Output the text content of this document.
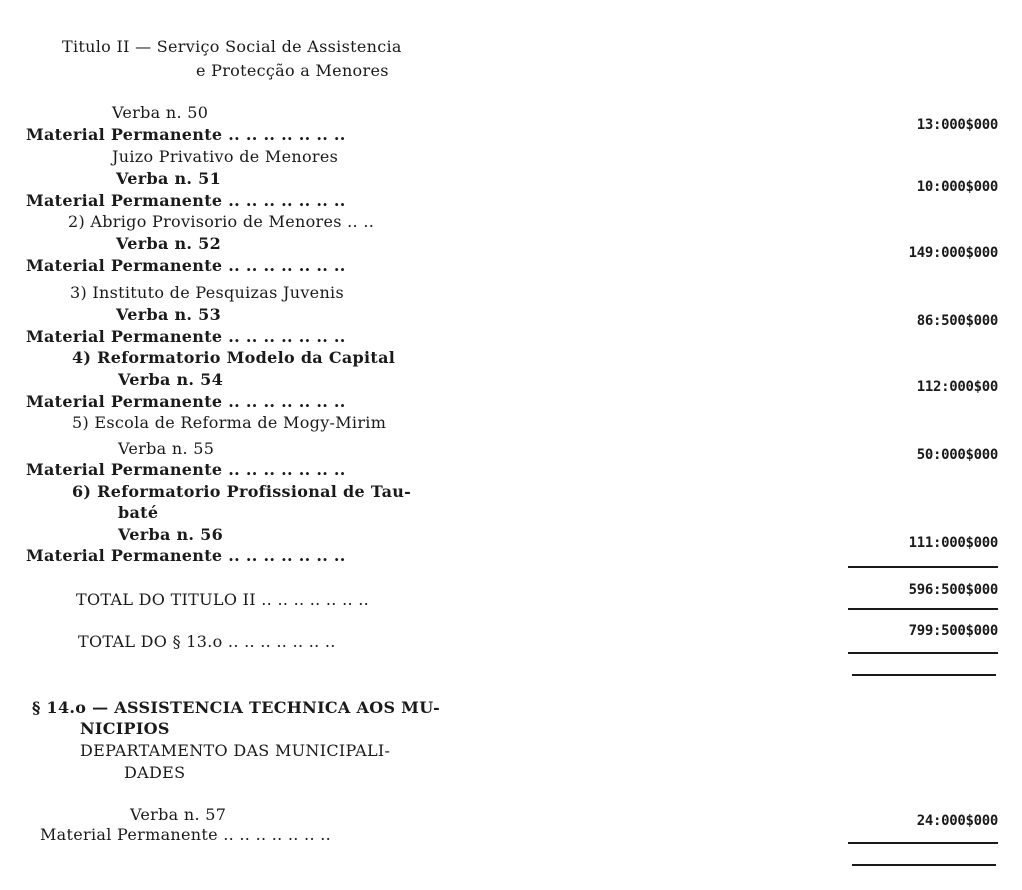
Titulo II — Serviço Social de Assistencia
e Protecção a Menores
Verba n. 50
Material Permanente .. .. .. .. .. .. ..	13:000$000
Juizo Privativo de Menores
Verba n. 51
Material Permanente .. .. .. .. .. .. ..
10:000$000
2) Abrigo Provisorio de Menores .. ..
Verba n. 52
Material Permanente .. .. .. .. .. .. ..
149:000$000
3) Instituto de Pesquizas Juvenis
Verba n. 53
Material Permanente .. .. .. .. .. .. ..
86:500$000
4) Reformatorio Modelo da Capital
Verba n. 54
Material Permanente .. .. .. .. .. .. ..
112:000$00
5) Escola de Reforma de Mogy-Mirim
Verba n. 55
Material Permanente .. .. .. .. .. .. ..
50:000$000
6) Reformatorio Profissional de Tau-
baté
Verba n. 56
Material Permanente .. .. .. .. .. .. ..
111:000$000
TOTAL DO TITULO II .. .. .. .. .. .. ..	596:500$000
TOTAL DO § 13.o .. .. .. .. .. .. ..
799:500$000
§ 14.o — ASSISTENCIA TECHNICA AOS MU-
NICIPIOS
DEPARTAMENTO DAS MUNICIPALI-
DADES
Verba n. 57
Material Permanente .. .. .. .. .. .. ..
24:000$000
